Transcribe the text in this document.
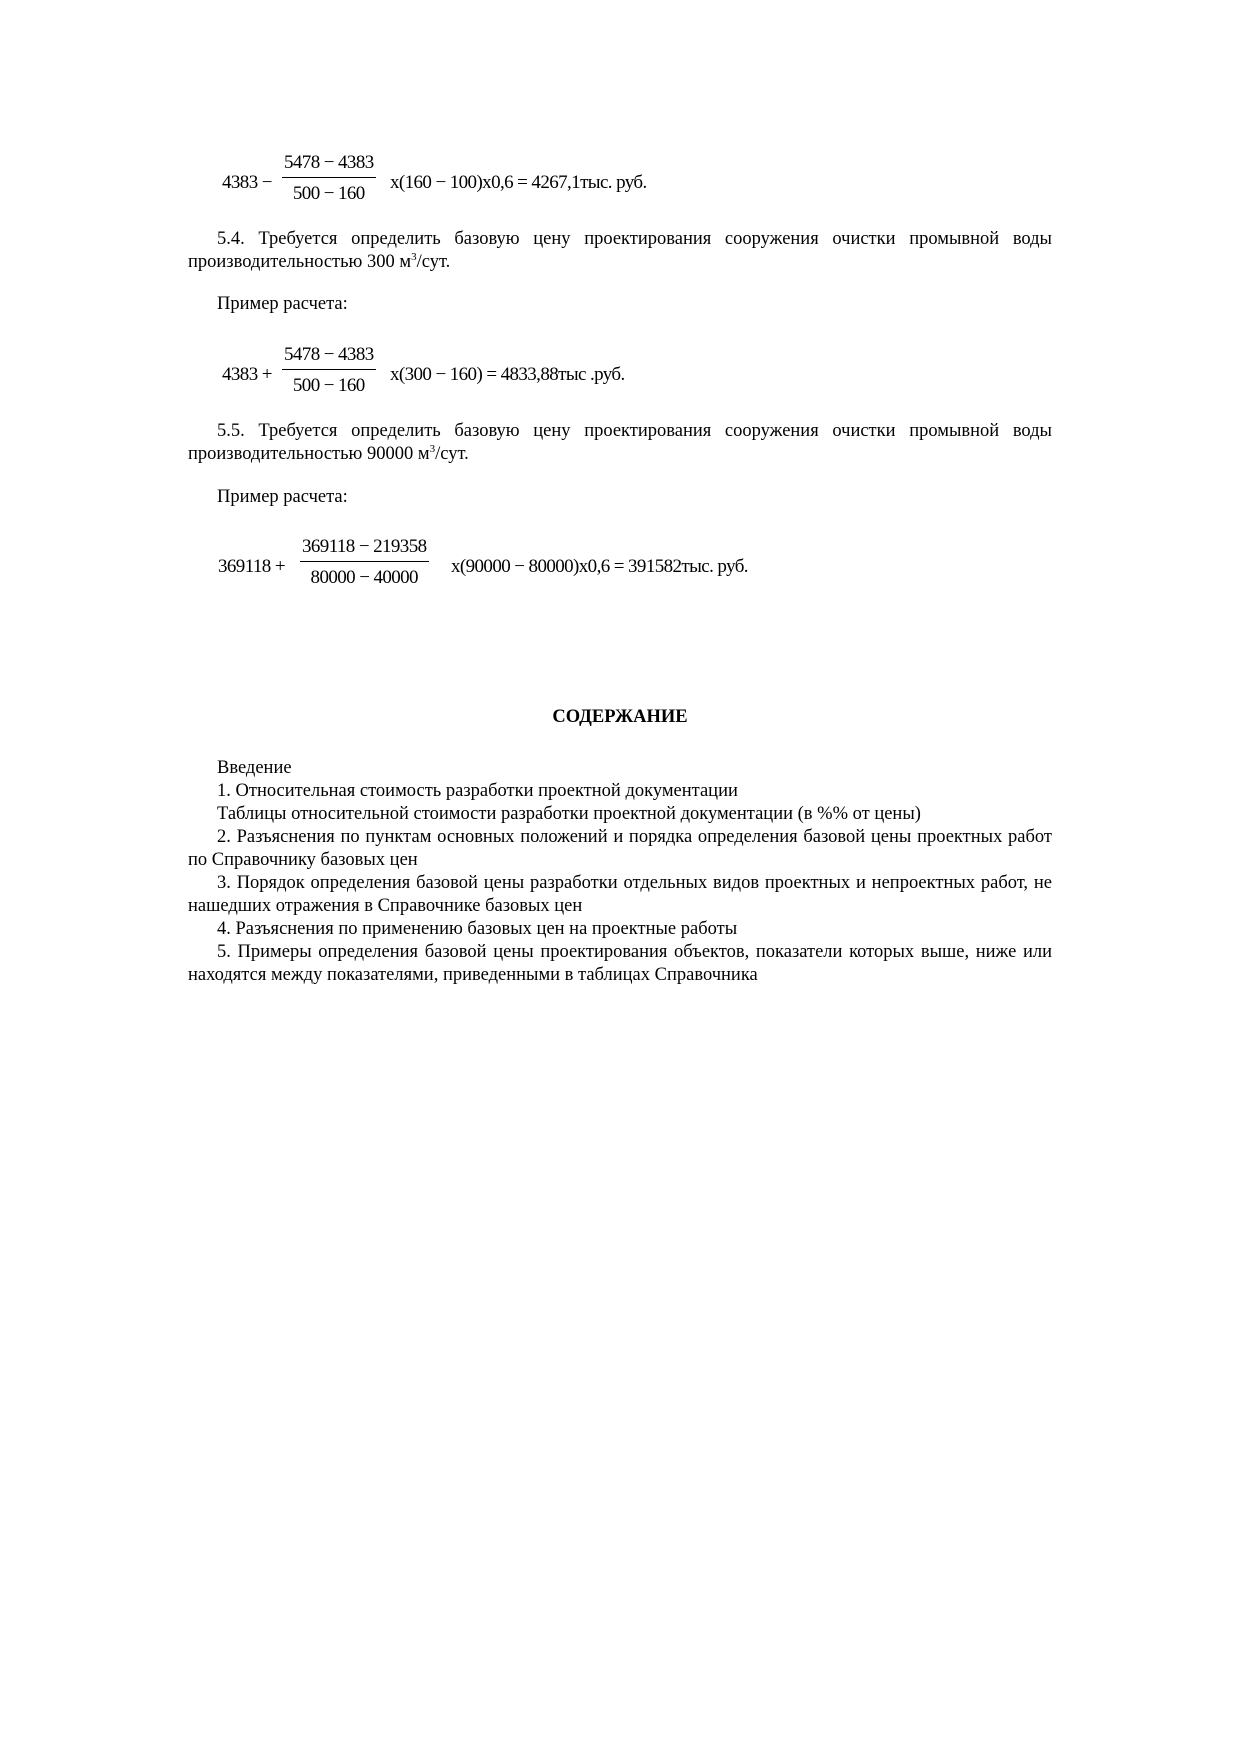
$4383 - \frac{5478 - 4383}{500 - 160} x(160 - 100)x0,6 = 4267,1тыс$. руб.
5.4. Требуется определить базовую цену проектирования сооружения очистки промывной воды производительностью 300 $м^3$/сут.
Пример расчета:
$4383 + \frac{5478 - 4383}{500 - 160} x(300 - 160) = 4833,88тыс$ .руб.
5.5. Требуется определить базовую цену проектирования сооружения очистки промывной воды производительностью 90000 $м^3$/сут.
Пример расчета:
$369118 + \frac{369118 - 219358}{80000 - 40000} x(90000 - 80000)x0,6 = 391582тыс$. руб.
СОДЕРЖАНИЕ
Введение
1. Относительная стоимость разработки проектной документации
Таблицы относительной стоимости разработки проектной документации (в %% от цены)
2. Разъяснения по пунктам основных положений и порядка определения базовой цены проектных работ по Справочнику базовых цен
3. Порядок определения базовой цены разработки отдельных видов проектных и непроектных работ, не нашедших отражения в Справочнике базовых цен
4. Разъяснения по применению базовых цен на проектные работы
5. Примеры определения базовой цены проектирования объектов, показатели которых выше, ниже или находятся между показателями, приведенными в таблицах Справочника
